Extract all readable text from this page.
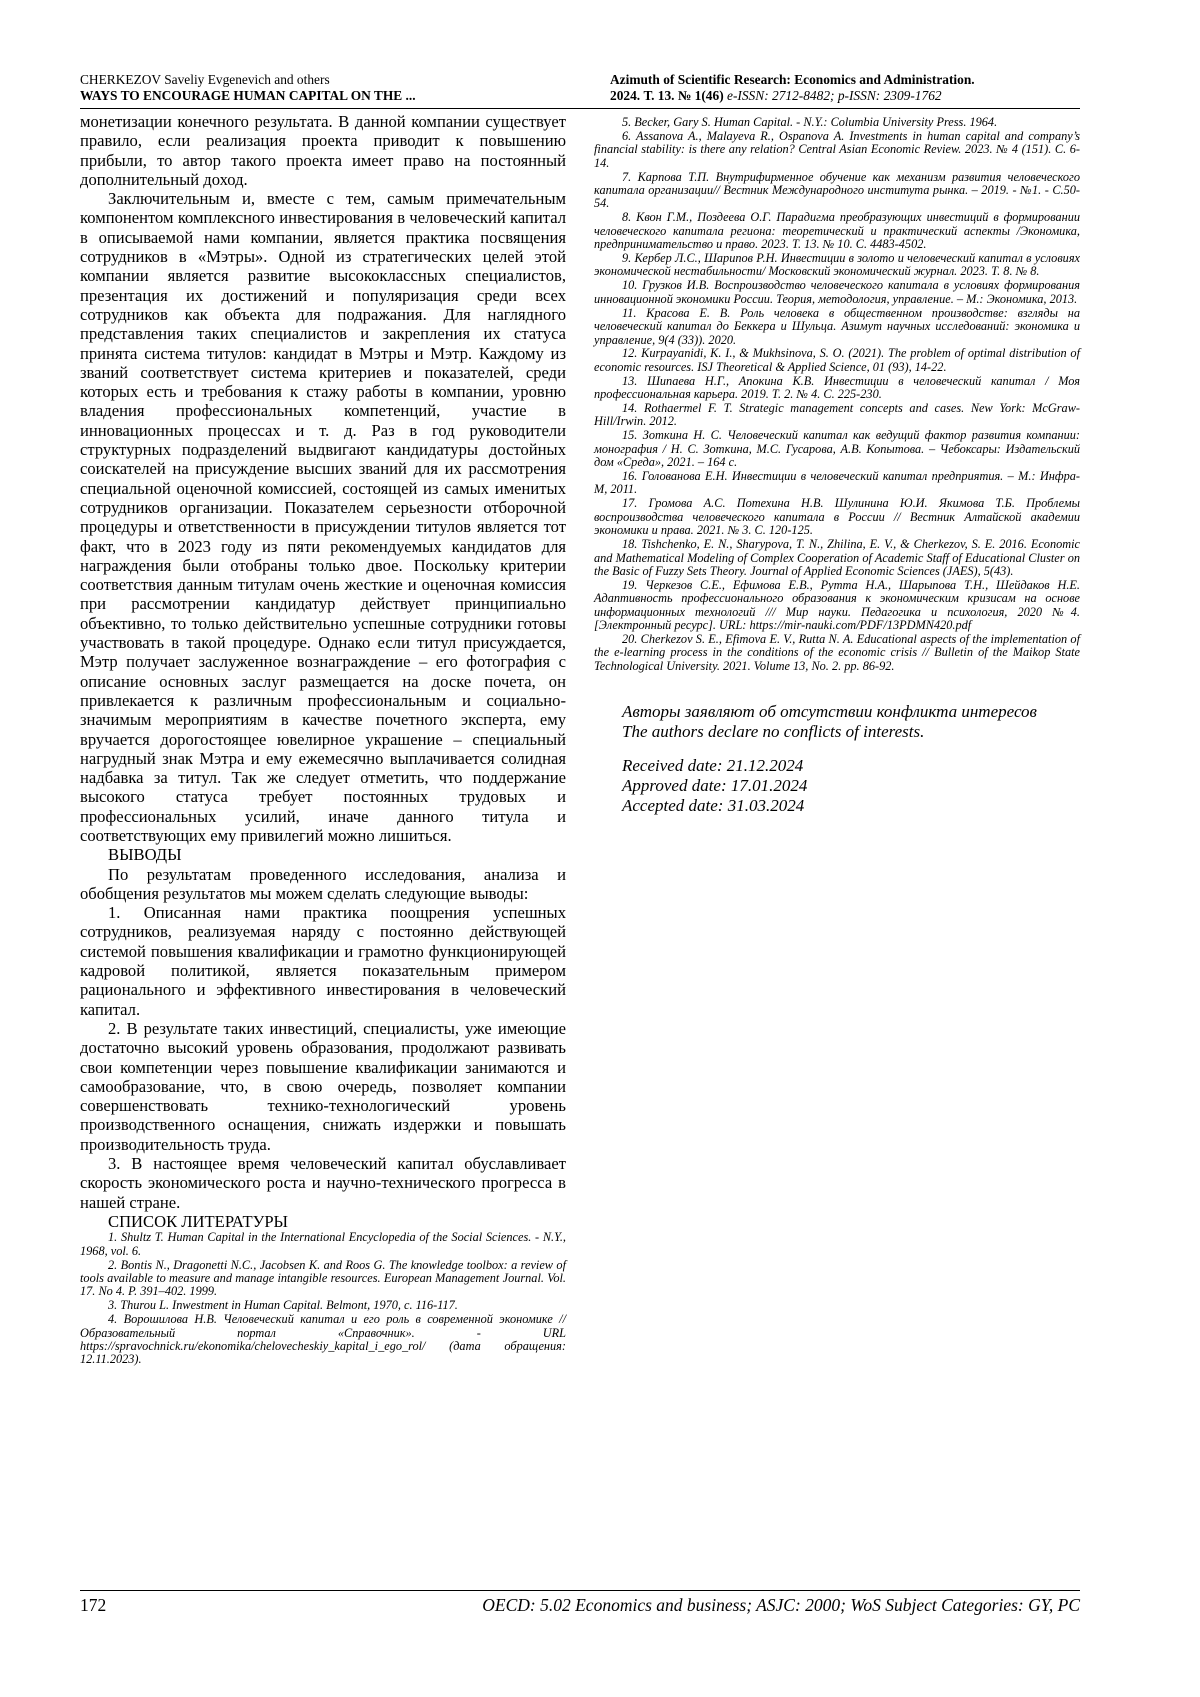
CHERKEZOV Saveliy Evgenevich and others
WAYS TO ENCOURAGE HUMAN CAPITAL ON THE ...
Azimuth of Scientific Research: Economics and Administration.
2024. Т. 13. № 1(46) e-ISSN: 2712-8482; p-ISSN: 2309-1762

монетизации конечного результата. В данной компании существует правило, если реализация проекта приводит к повышению прибыли, то автор такого проекта имеет право на постоянный дополнительный доход.

Заключительным и, вместе с тем, самым примечательным компонентом комплексного инвестирования в человеческий капитал в описываемой нами компании, является практика посвящения сотрудников в «Мэтры». Одной из стратегических целей этой компании является развитие высококлассных специалистов, презентация их достижений и популяризация среди всех сотрудников как объекта для подражания. Для наглядного представления таких специалистов и закрепления их статуса принята система титулов: кандидат в Мэтры и Мэтр. Каждому из званий соответствует система критериев и показателей, среди которых есть и требования к стажу работы в компании, уровню владения профессиональных компетенций, участие в инновационных процессах и т. д. Раз в год руководители структурных подразделений выдвигают кандидатуры достойных соискателей на присуждение высших званий для их рассмотрения специальной оценочной комиссией, состоящей из самых именитых сотрудников организации. Показателем серьезности отборочной процедуры и ответственности в присуждении титулов является тот факт, что в 2023 году из пяти рекомендуемых кандидатов для награждения были отобраны только двое. Поскольку критерии соответствия данным титулам очень жесткие и оценочная комиссия при рассмотрении кандидатур действует принципиально объективно, то только действительно успешные сотрудники готовы участвовать в такой процедуре. Однако если титул присуждается, Мэтр получает заслуженное вознаграждение – его фотография с описание основных заслуг размещается на доске почета, он привлекается к различным профессиональным и социально-значимым мероприятиям в качестве почетного эксперта, ему вручается дорогостоящее ювелирное украшение – специальный нагрудный знак Мэтра и ему ежемесячно выплачивается солидная надбавка за титул. Так же следует отметить, что поддержание высокого статуса требует постоянных трудовых и профессиональных усилий, иначе данного титула и соответствующих ему привилегий можно лишиться.

ВЫВОДЫ

По результатам проведенного исследования, анализа и обобщения результатов мы можем сделать следующие выводы:

1. Описанная нами практика поощрения успешных сотрудников, реализуемая наряду с постоянно действующей системой повышения квалификации и грамотно функционирующей кадровой политикой, является показательным примером рационального и эффективного инвестирования в человеческий капитал.

2. В результате таких инвестиций, специалисты, уже имеющие достаточно высокий уровень образования, продолжают развивать свои компетенции через повышение квалификации занимаются и самообразование, что, в свою очередь, позволяет компании совершенствовать технико-технологический уровень производственного оснащения, снижать издержки и повышать производительность труда.

3. В настоящее время человеческий капитал обуславливает скорость экономического роста и научно-технического прогресса в нашей стране.

СПИСОК ЛИТЕРАТУРЫ

1. Shultz T. Human Capital in the International Encyclopedia of the Social Sciences. - N.Y., 1968, vol. 6.

2. Bontis N., Dragonetti N.C., Jacobsen K. and Roos G. The knowledge toolbox: a review of tools available to measure and manage intangible resources. European Management Journal. Vol. 17. No 4. P. 391–402. 1999.

3. Thurou L. Inwestment in Human Capital. Belmont, 1970, c. 116-117.

4. Ворошилова Н.В. Человеческий капитал и его роль в современной экономике // Образовательный портал «Справочник». - URL https://spravochnick.ru/ekonomika/chelovecheskiy_kapital_i_ego_rol/ (дата обращения: 12.11.2023).

5. Becker, Gary S. Human Capital. - N.Y.: Columbia University Press. 1964.

6. Assanova A., Malayeva R., Ospanova A. Investments in human capital and company’s financial stability: is there any relation? Central Asian Economic Review. 2023. № 4 (151). С. 6-14.

7. Карпова Т.П. Внутрифирменное обучение как механизм развития человеческого капитала организации// Вестник Международного института рынка. – 2019. - №1. - С.50-54.

8. Квон Г.М., Поздеева О.Г. Парадигма преобразующих инвестиций в формировании человеческого капитала региона: теоретический и практический аспекты /Экономика, предпринимательство и право. 2023. Т. 13. № 10. С. 4483-4502.

9. Кербер Л.С., Шарипов Р.Н. Инвестиции в золото и человеческий капитал в условиях экономической нестабильности/ Московский экономический журнал. 2023. Т. 8. № 8.

10. Грузков И.В. Воспроизводство человеческого капитала в условиях формирования инновационной экономики России. Теория, методология, управление. – М.: Экономика, 2013.

11. Красова Е. В. Роль человека в общественном производстве: взгляды на человеческий капитал до Беккера и Шульца. Азимут научных исследований: экономика и управление, 9(4 (33)). 2020.

12. Kurpayanidi, K. I., & Mukhsinova, S. O. (2021). The problem of optimal distribution of economic resources. ISJ Theoretical & Applied Science, 01 (93), 14-22.

13. Шипаева Н.Г., Апокина К.В. Инвестиции в человеческий капитал / Моя профессиональная карьера. 2019. Т. 2. № 4. С. 225-230.

14. Rothaermel F. T. Strategic management concepts and cases. New York: McGraw-Hill/Irwin. 2012.

15. Зоткина Н. С. Человеческий капитал как ведущий фактор развития компании: монография / Н. С. Зоткина, М.С. Гусарова, А.В. Копытова. – Чебоксары: Издательский дом «Среда», 2021. – 164 с.

16. Голованова Е.Н. Инвестиции в человеческий капитал предприятия. – М.: Инфра-М, 2011.

17. Громова А.С. Потехина Н.В. Шулинина Ю.И. Якимова Т.Б. Проблемы воспроизводства человеческого капитала в России // Вестник Алтайской академии экономики и права. 2021. № 3. С. 120-125.

18. Tishchenko, E. N., Sharypova, T. N., Zhilina, E. V., & Cherkezov, S. E. 2016. Economic and Mathematical Modeling of Complex Cooperation of Academic Staff of Educational Cluster on the Basic of Fuzzy Sets Theory. Journal of Applied Economic Sciences (JAES), 5(43).

19. Черкезов С.Е., Ефимова Е.В., Рутта Н.А., Шарыпова Т.Н., Шейдаков Н.Е. Адаптивность профессионального образования к экономическим кризисам на основе информационных технологий /// Мир науки. Педагогика и психология, 2020 №4. [Электронный ресурс]. URL: https://mir-nauki.com/PDF/13PDMN420.pdf

20. Cherkezov S. E., Efimova E. V., Rutta N. A. Educational aspects of the implementation of the e-learning process in the conditions of the economic crisis // Bulletin of the Maikop State Technological University. 2021. Volume 13, No. 2. pp. 86-92.

Авторы заявляют об отсутствии конфликта интересов

The authors declare no conflicts of interests.

Received date: 21.12.2024

Approved date: 17.01.2024

Accepted date: 31.03.2024

172	OECD: 5.02 Economics and business; ASJC: 2000; WoS Subject Categories: GY, PC
